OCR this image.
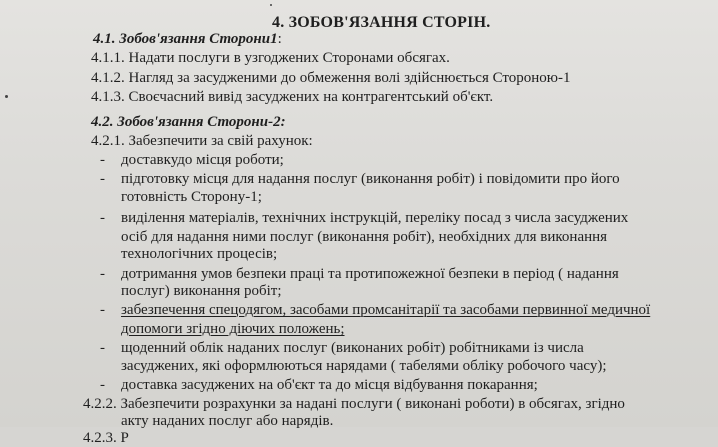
4. ЗОБОВ'ЯЗАННЯ СТОРІН.

4.1. Зобов'язання Сторони1:

4.1.1. Надати послуги в узгоджених Сторонами обсягах.

4.1.2. Нагляд за засудженими до обмеження волі здійснюється Стороною-1

4.1.3. Своєчасний вивід засуджених на контрагентський об'єкт.

4.2. Зобов'язання Сторони-2:

4.2.1. Забезпечити за свій рахунок:

-	доставкудо місця роботи;

-	підготовку місця для надання послуг (виконання робіт) і повідомити про його

готовність Сторону-1;

-	виділення матеріалів, технічних інструкцій, переліку посад з числа засуджених

осіб для надання ними послуг (виконання робіт), необхідних для виконання

технологічних процесів;

-	дотримання умов безпеки праці та протипожежної безпеки в період ( надання

послуг) виконання робіт;

-	забезпечення спецодягом, засобами промсанітарії та засобами первинної медичної

допомоги згідно діючих положень;

-	щоденний облік наданих послуг (виконаних робіт) робітниками із числа

засуджених, які оформлюються нарядами ( табелями обліку робочого часу);

-	доставка засуджених на об'єкт та до місця відбування покарання;

4.2.2. Забезпечити розрахунки за надані послуги ( виконані роботи) в обсягах, згідно

акту наданих послуг або нарядів.

4.2.3. Р
